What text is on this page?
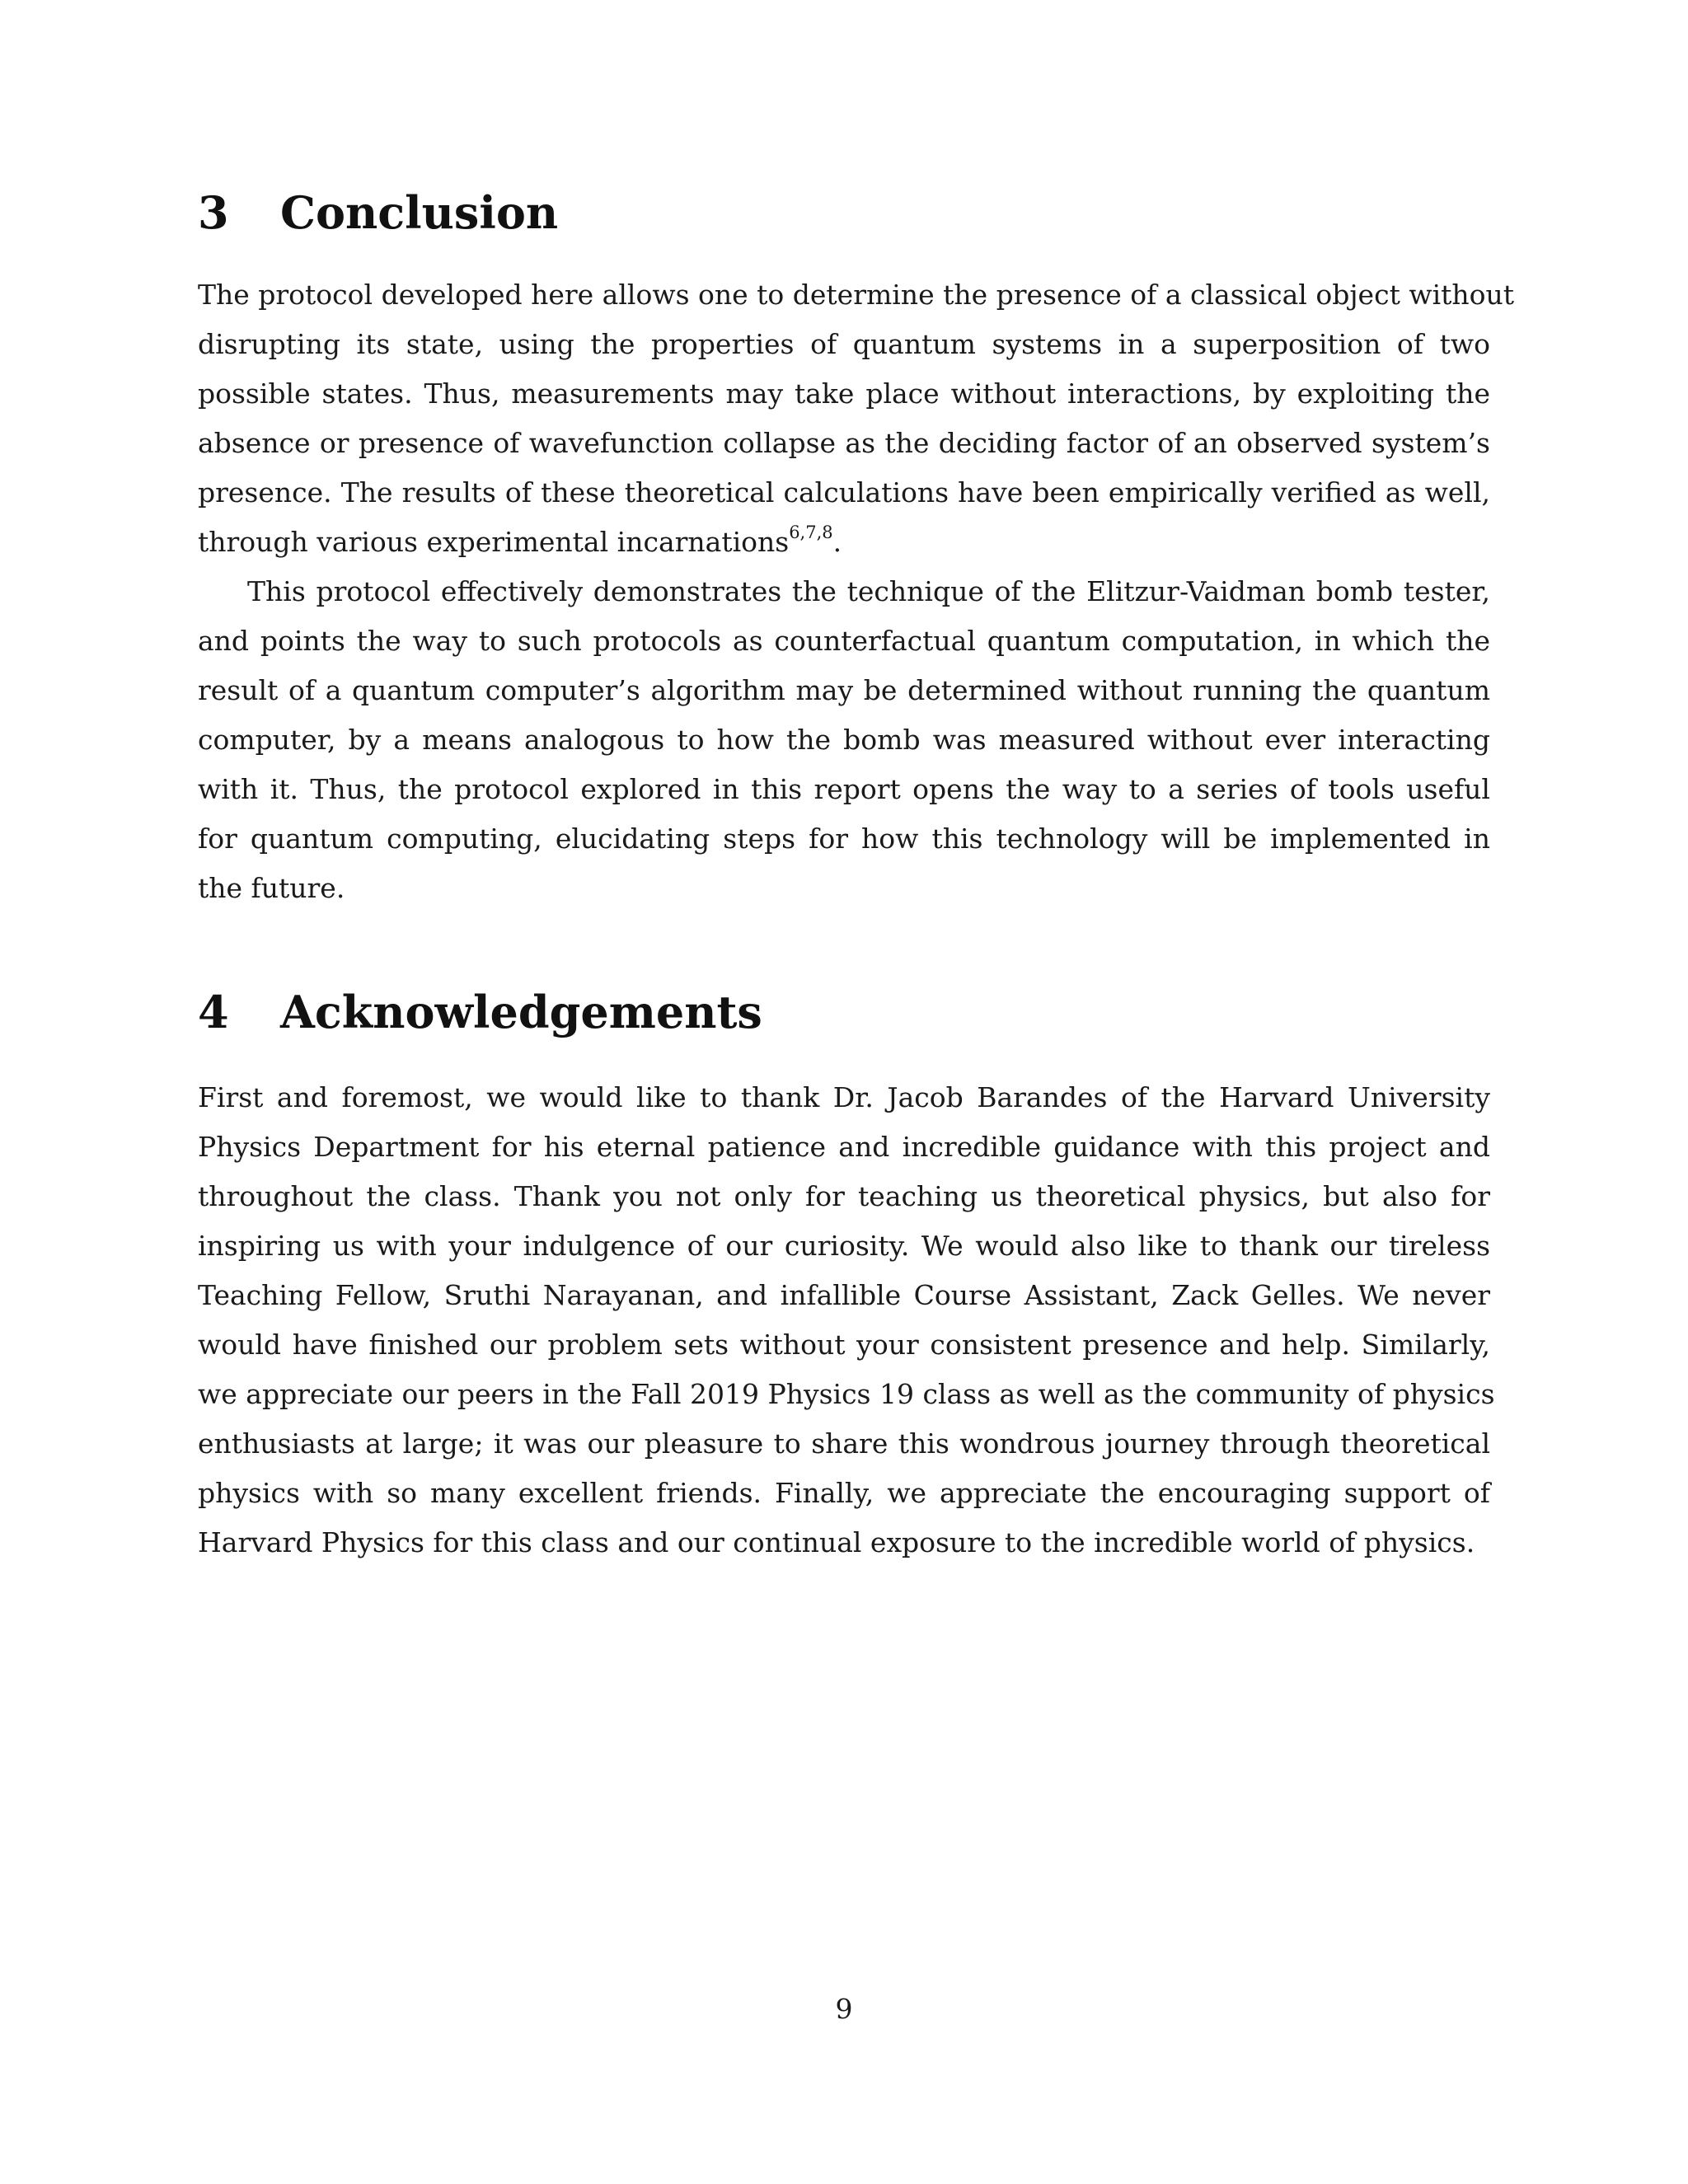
3	Conclusion
The protocol developed here allows one to determine the presence of a classical object without
disrupting its state, using the properties of quantum systems in a superposition of two
possible states. Thus, measurements may take place without interactions, by exploiting the
absence or presence of wavefunction collapse as the deciding factor of an observed system’s
presence. The results of these theoretical calculations have been empirically verified as well,
through various experimental incarnations$^{6,7,8}$.
This protocol effectively demonstrates the technique of the Elitzur-Vaidman bomb tester,
and points the way to such protocols as counterfactual quantum computation, in which the
result of a quantum computer’s algorithm may be determined without running the quantum
computer, by a means analogous to how the bomb was measured without ever interacting
with it. Thus, the protocol explored in this report opens the way to a series of tools useful
for quantum computing, elucidating steps for how this technology will be implemented in
the future.
4	Acknowledgements
First and foremost, we would like to thank Dr. Jacob Barandes of the Harvard University
Physics Department for his eternal patience and incredible guidance with this project and
throughout the class. Thank you not only for teaching us theoretical physics, but also for
inspiring us with your indulgence of our curiosity. We would also like to thank our tireless
Teaching Fellow, Sruthi Narayanan, and infallible Course Assistant, Zack Gelles. We never
would have finished our problem sets without your consistent presence and help. Similarly,
we appreciate our peers in the Fall 2019 Physics 19 class as well as the community of physics
enthusiasts at large; it was our pleasure to share this wondrous journey through theoretical
physics with so many excellent friends. Finally, we appreciate the encouraging support of
Harvard Physics for this class and our continual exposure to the incredible world of physics.
9
